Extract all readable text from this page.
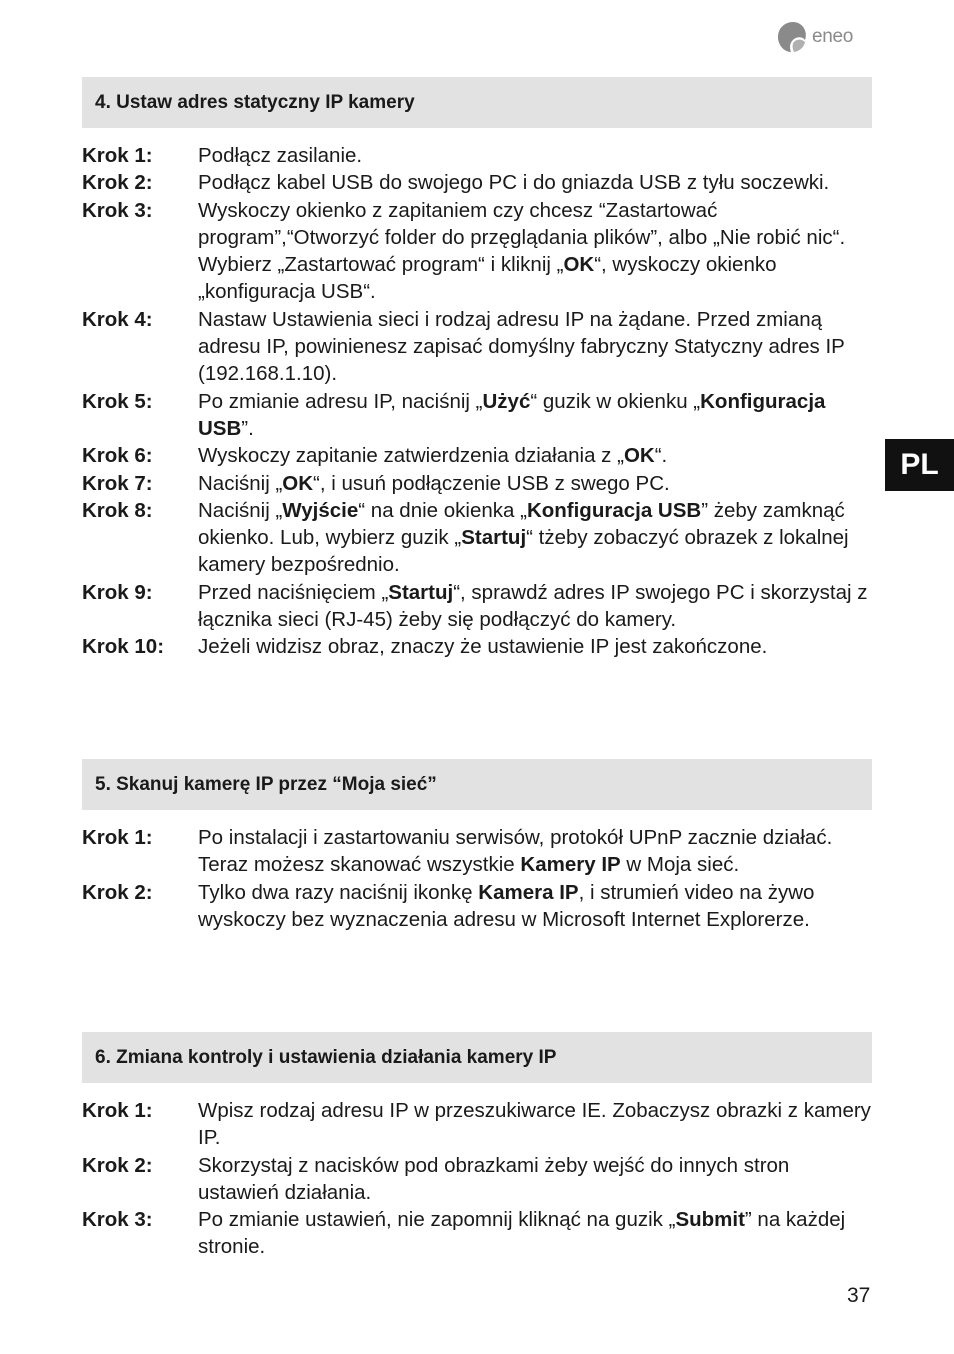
eneo
PL
4. Ustaw adres statyczny IP kamery
Krok 1:	Podłącz zasilanie.
Krok 2:	Podłącz kabel USB do swojego PC i do gniazda USB z tyłu soczewki.
Krok 3:	Wyskoczy okienko z zapitaniem czy chcesz “Zastartować program”,“Otworzyć folder do przęglądania plików”, albo „Nie robić nic“. Wybierz „Zastartować program“ i kliknij „OK“, wyskoczy okienko „konfiguracja USB“.
Krok 4:	Nastaw Ustawienia sieci i rodzaj adresu IP na żądane. Przed zmianą adresu IP, powinienesz zapisać domyślny fabryczny Statyczny adres IP (192.168.1.10).
Krok 5:	Po zmianie adresu IP, naciśnij „Użyć“ guzik w okienku „Konfiguracja USB”.
Krok 6:	Wyskoczy zapitanie zatwierdzenia działania z „OK“.
Krok 7:	Naciśnij „OK“, i usuń podłączenie USB z swego PC.
Krok 8:	Naciśnij „Wyjście“ na dnie okienka „Konfiguracja USB” żeby zamknąć okienko. Lub, wybierz guzik „Startuj“ tżeby zobaczyć obrazek z lokalnej kamery bezpośrednio.
Krok 9:	Przed naciśnięciem „Startuj“, sprawdź adres IP swojego PC i skorzystaj z łącznika sieci (RJ-45) żeby się podłączyć do kamery.
Krok 10:	Jeżeli widzisz obraz, znaczy że ustawienie IP jest zakończone.
5. Skanuj kamerę IP przez “Moja sieć”
Krok 1:	Po instalacji i zastartowaniu serwisów, protokół UPnP zacznie działać. Teraz możesz skanować wszystkie Kamery IP w Moja sieć.
Krok 2:	Tylko dwa razy naciśnij ikonkę Kamera IP, i strumień video na żywo wyskoczy bez wyznaczenia adresu w Microsoft Internet Explorerze.
6. Zmiana kontroly i ustawienia działania kamery IP
Krok 1:	Wpisz rodzaj adresu IP w przeszukiwarce IE. Zobaczysz obrazki z kamery IP.
Krok 2:	Skorzystaj z nacisków pod obrazkami żeby wejść do innych stron ustawień działania.
Krok 3:	Po zmianie ustawień, nie zapomnij kliknąć na guzik „Submit” na każdej stronie.
37
